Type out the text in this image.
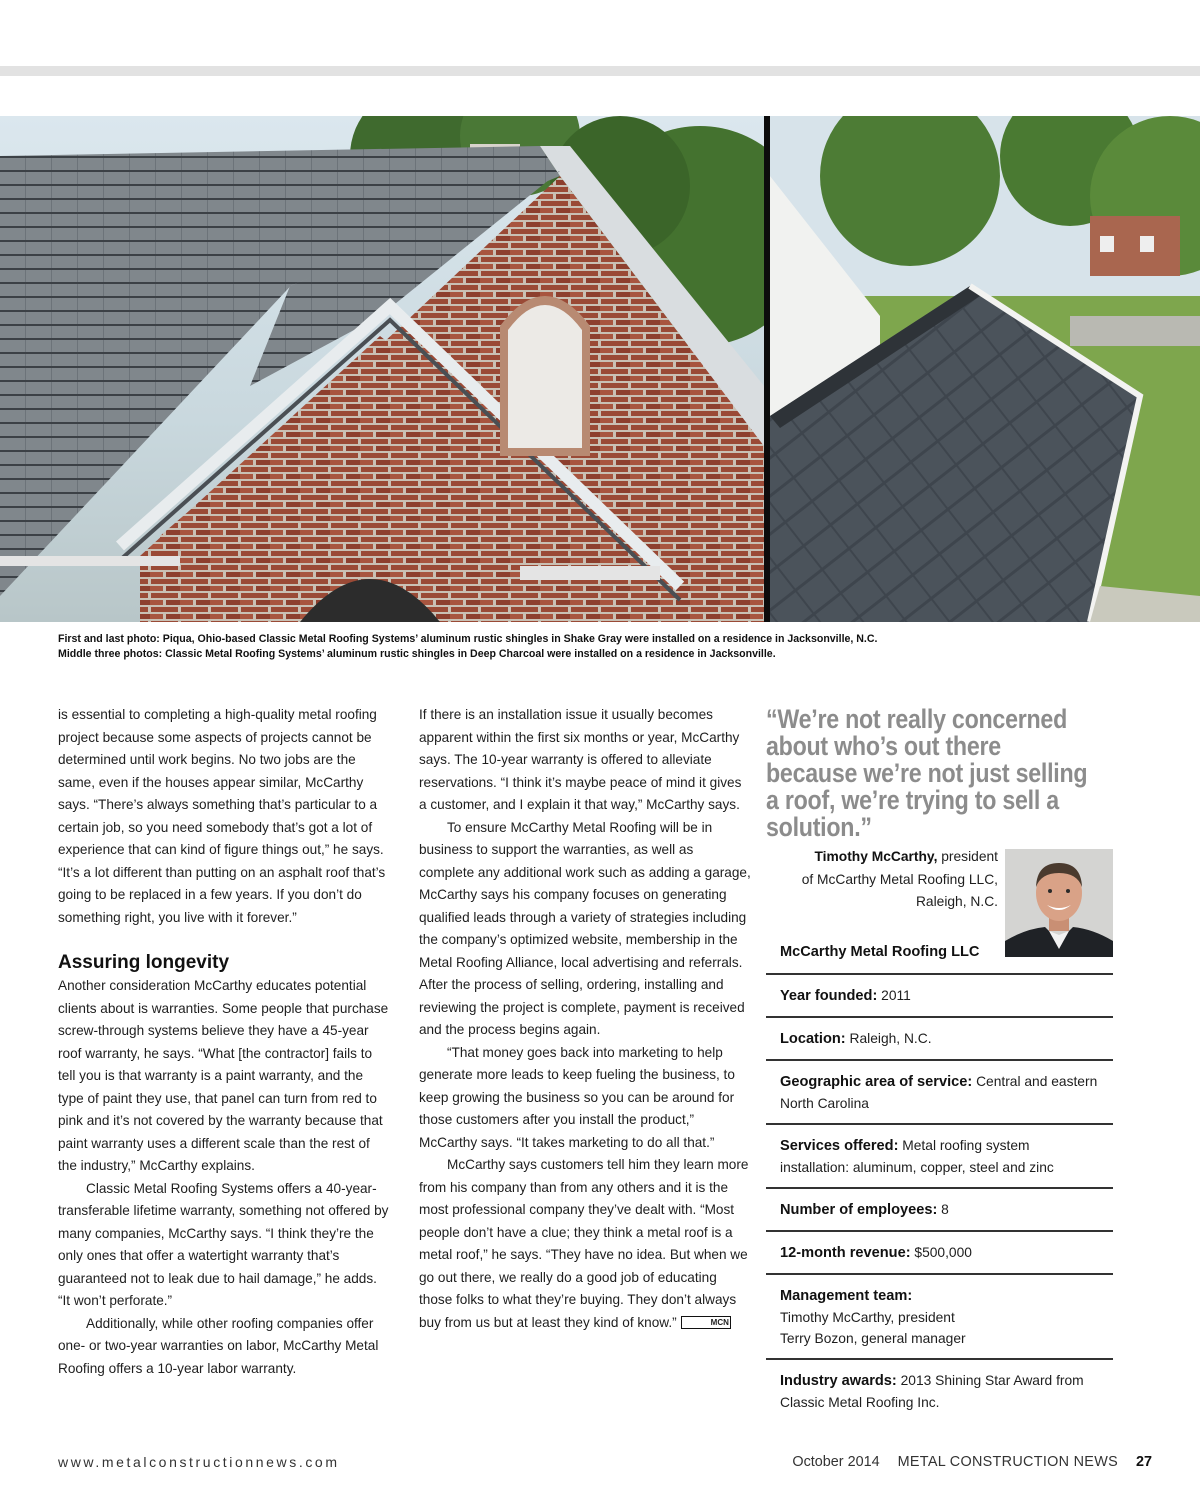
First and last photo: Piqua, Ohio-based Classic Metal Roofing Systems’ aluminum rustic shingles in Shake Gray were installed on a residence in Jacksonville, N.C.

Middle three photos: Classic Metal Roofing Systems’ aluminum rustic shingles in Deep Charcoal were installed on a residence in Jacksonville.

is essential to completing a high-quality metal roofing project because some aspects of projects cannot be determined until work begins. No two jobs are the same, even if the houses appear similar, McCarthy says. “There’s always something that’s particular to a certain job, so you need somebody that’s got a lot of experience that can kind of figure things out,” he says. “It’s a lot different than putting on an asphalt roof that’s going to be replaced in a few years. If you don’t do something right, you live with it forever.”

Assuring longevity

Another consideration McCarthy educates potential clients about is warranties. Some people that purchase screw-through systems believe they have a 45-year roof warranty, he says. “What [the contractor] fails to tell you is that warranty is a paint warranty, and the type of paint they use, that panel can turn from red to pink and it’s not covered by the warranty because that paint warranty uses a different scale than the rest of the industry,” McCarthy explains.

Classic Metal Roofing Systems offers a 40-year-transferable lifetime warranty, something not offered by many companies, McCarthy says. “I think they’re the only ones that offer a watertight warranty that’s guaranteed not to leak due to hail damage,” he adds. “It won’t perforate.”

Additionally, while other roofing companies offer one- or two-year warranties on labor, McCarthy Metal Roofing offers a 10-year labor warranty.

If there is an installation issue it usually becomes apparent within the first six months or year, McCarthy says. The 10-year warranty is offered to alleviate reservations. “I think it’s maybe peace of mind it gives a customer, and I explain it that way,” McCarthy says.

To ensure McCarthy Metal Roofing will be in business to support the warranties, as well as complete any additional work such as adding a garage, McCarthy says his company focuses on generating qualified leads through a variety of strategies including the company’s optimized website, membership in the Metal Roofing Alliance, local advertising and referrals. After the process of selling, ordering, installing and reviewing the project is complete, payment is received and the process begins again.

“That money goes back into marketing to help generate more leads to keep fueling the business, to keep growing the business so you can be around for those customers after you install the product,” McCarthy says. “It takes marketing to do all that.”

McCarthy says customers tell him they learn more from his company than from any others and it is the most professional company they’ve dealt with. “Most people don’t have a clue; they think a metal roof is a metal roof,” he says. “They have no idea. But when we go out there, we really do a good job of educating those folks to what they’re buying. They don’t always buy from us but at least they kind of know.”	MCN

“We’re not really concerned about who’s out there because we’re not just selling a roof, we’re trying to sell a solution.”
Timothy McCarthy, president
of McCarthy Metal Roofing LLC,
Raleigh, N.C.
McCarthy Metal Roofing LLC
Year founded: 2011
Location: Raleigh, N.C.
Geographic area of service: Central and eastern North Carolina
Services offered: Metal roofing system installation: aluminum, copper, steel and zinc
Number of employees: 8
12-month revenue: $500,000
Management team:
Timothy McCarthy, president
Terry Bozon, general manager
Industry awards: 2013 Shining Star Award from Classic Metal Roofing Inc.
www.metalconstructionnews.com	October 2014 METAL CONSTRUCTION NEWS 27
